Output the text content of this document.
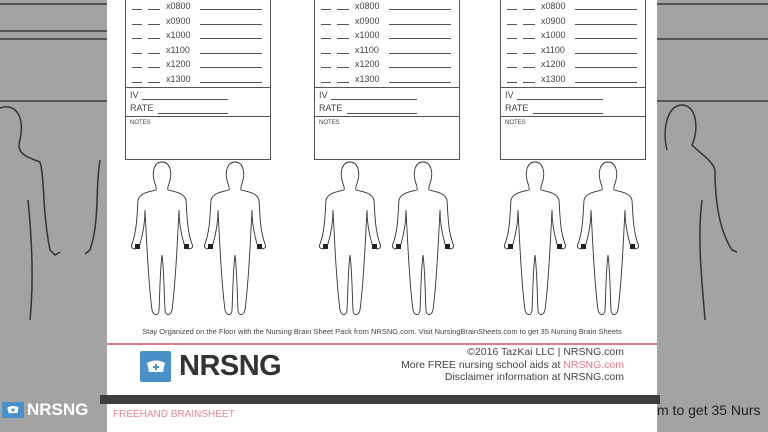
x0800
x0900
x1000
x1100
x1200
x1300
IV
RATE
NOTES
x0800
x0900
x1000
x1100
x1200
x1300
IV
RATE
NOTES
x0800
x0900
x1000
x1100
x1200
x1300
IV
RATE
NOTES
Stay Organized on the Floor with the Nursing Brain Sheet Pack from NRSNG.com. Visit NursingBrainSheets.com to get 35 Nursing Brain Sheets
NRSNG	©2016 TazKai LLC | NRSNG.com
More FREE nursing school aids at NRSNG.com
Disclaimer information at NRSNG.com
FREEHAND BRAINSHEET
NRSNG	m to get 35 Nurs
